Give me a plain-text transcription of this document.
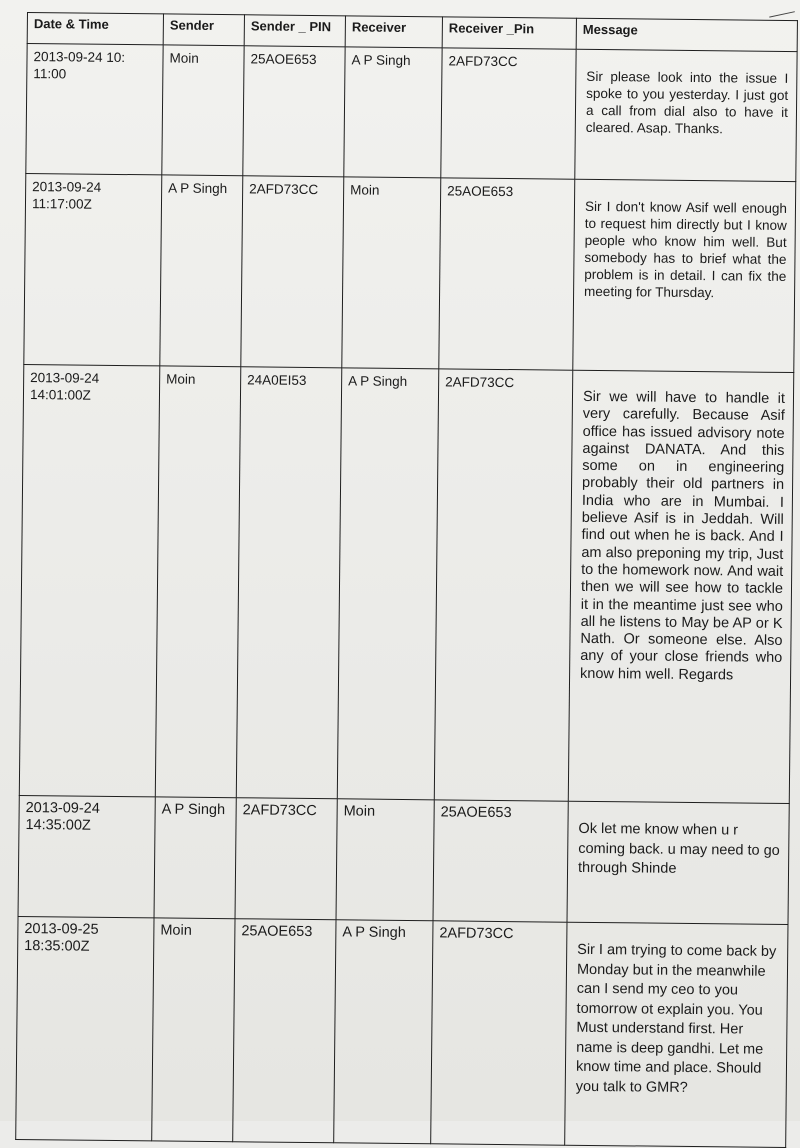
Date & Time	Sender	Sender _ PIN	Receiver	Receiver _Pin	Message
2013-09-24 10: 11:00	Moin	25AOE653	A P Singh	2AFD73CC	Sir please look into the issue I spoke to you yesterday. I just got a call from dial also to have it cleared. Asap. Thanks.
2013-09-24 11:17:00Z	A P Singh	2AFD73CC	Moin	25AOE653	Sir I don't know Asif well enough to request him directly but I know people who know him well. But somebody has to brief what the problem is in detail. I can fix the meeting for Thursday.
2013-09-24 14:01:00Z	Moin	24A0EI53	A P Singh	2AFD73CC	Sir we will have to handle it very carefully. Because Asif office has issued advisory note against DANATA. And this some on in engineering probably their old partners in India who are in Mumbai. I believe Asif is in Jeddah. Will find out when he is back. And I am also preponing my trip, Just to the homework now. And wait then we will see how to tackle it in the meantime just see who all he listens to May be AP or K Nath. Or someone else. Also any of your close friends who know him well. Regards
2013-09-24 14:35:00Z	A P Singh	2AFD73CC	Moin	25AOE653	Ok let me know when u r coming back. u may need to go through Shinde
2013-09-25 18:35:00Z	Moin	25AOE653	A P Singh	2AFD73CC	Sir I am trying to come back by Monday but in the meanwhile can I send my ceo to you tomorrow ot explain you. You Must understand first. Her name is deep gandhi. Let me know time and place. Should you talk to GMR?
